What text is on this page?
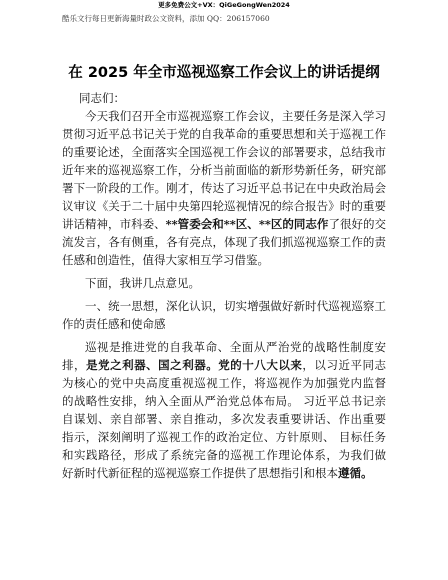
更多免费公文+VX：QiGeGongWen2024
酷乐文行每日更新海量时政公文资料，添加 QQ：206157060
在 2025 年全市巡视巡察工作会议上的讲话提纲
同志们：

今天我们召开全市巡视巡察工作会议，主要任务是深入学习贯彻习近平总书记关于党的自我革命的重要思想和关于巡视工作的重要论述，全面落实全国巡视工作会议的部署要求，总结我市近年来的巡视巡察工作，分析当前面临的新形势新任务，研究部署下一阶段的工作。刚才，传达了习近平总书记在中央政治局会议审议《关于二十届中央第四轮巡视情况的综合报告》时的重要讲话精神，市科委、**管委会和**区、**区的同志作了很好的交流发言，各有侧重，各有亮点，体现了我们抓巡视巡察工作的责任感和创造性，值得大家相互学习借鉴。

下面，我讲几点意见。

一、统一思想，深化认识，切实增强做好新时代巡视巡察工作的责任感和使命感

巡视是推进党的自我革命、全面从严治党的战略性制度安排，是党之利器、国之利器。党的十八大以来，以习近平同志 为核心的党中央高度重视巡视工作，将巡视作为加强党内监督 的战略性安排，纳入全面从严治党总体布局。 习近平总书记亲 自谋划、亲自部署、亲自推动，多次发表重要讲话、作出重要 指示，深刻阐明了巡视工作的政治定位、方针原则、 目标任务 和实践路径，形成了系统完备的巡视工作理论体系，为我们做 好新时代新征程的巡视巡察工作提供了思想指引和根本遵循。
